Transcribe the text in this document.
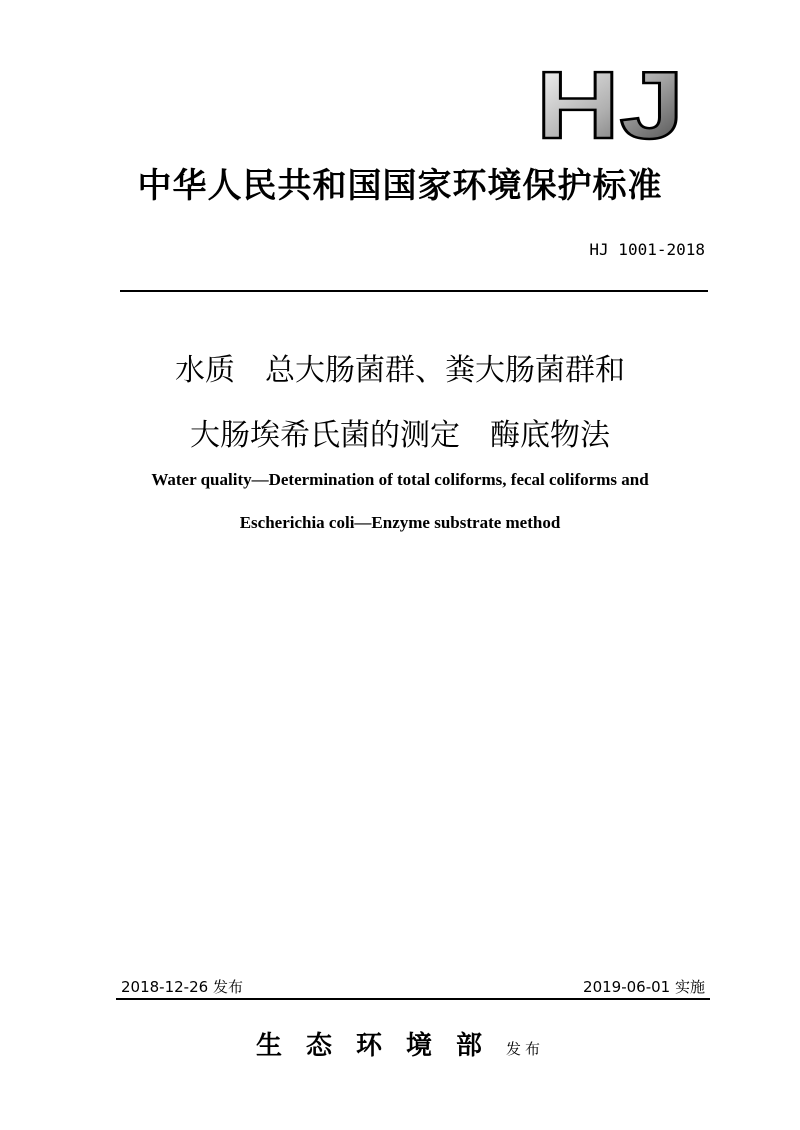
HJ
中华人民共和国国家环境保护标准
HJ 1001-2018
水质　总大肠菌群、粪大肠菌群和
大肠埃希氏菌的测定　酶底物法
Water quality—Determination of total coliforms, fecal coliforms and
Escherichia coli—Enzyme substrate method
2018-12-26 发布	2019-06-01 实施
生态环境部发布
